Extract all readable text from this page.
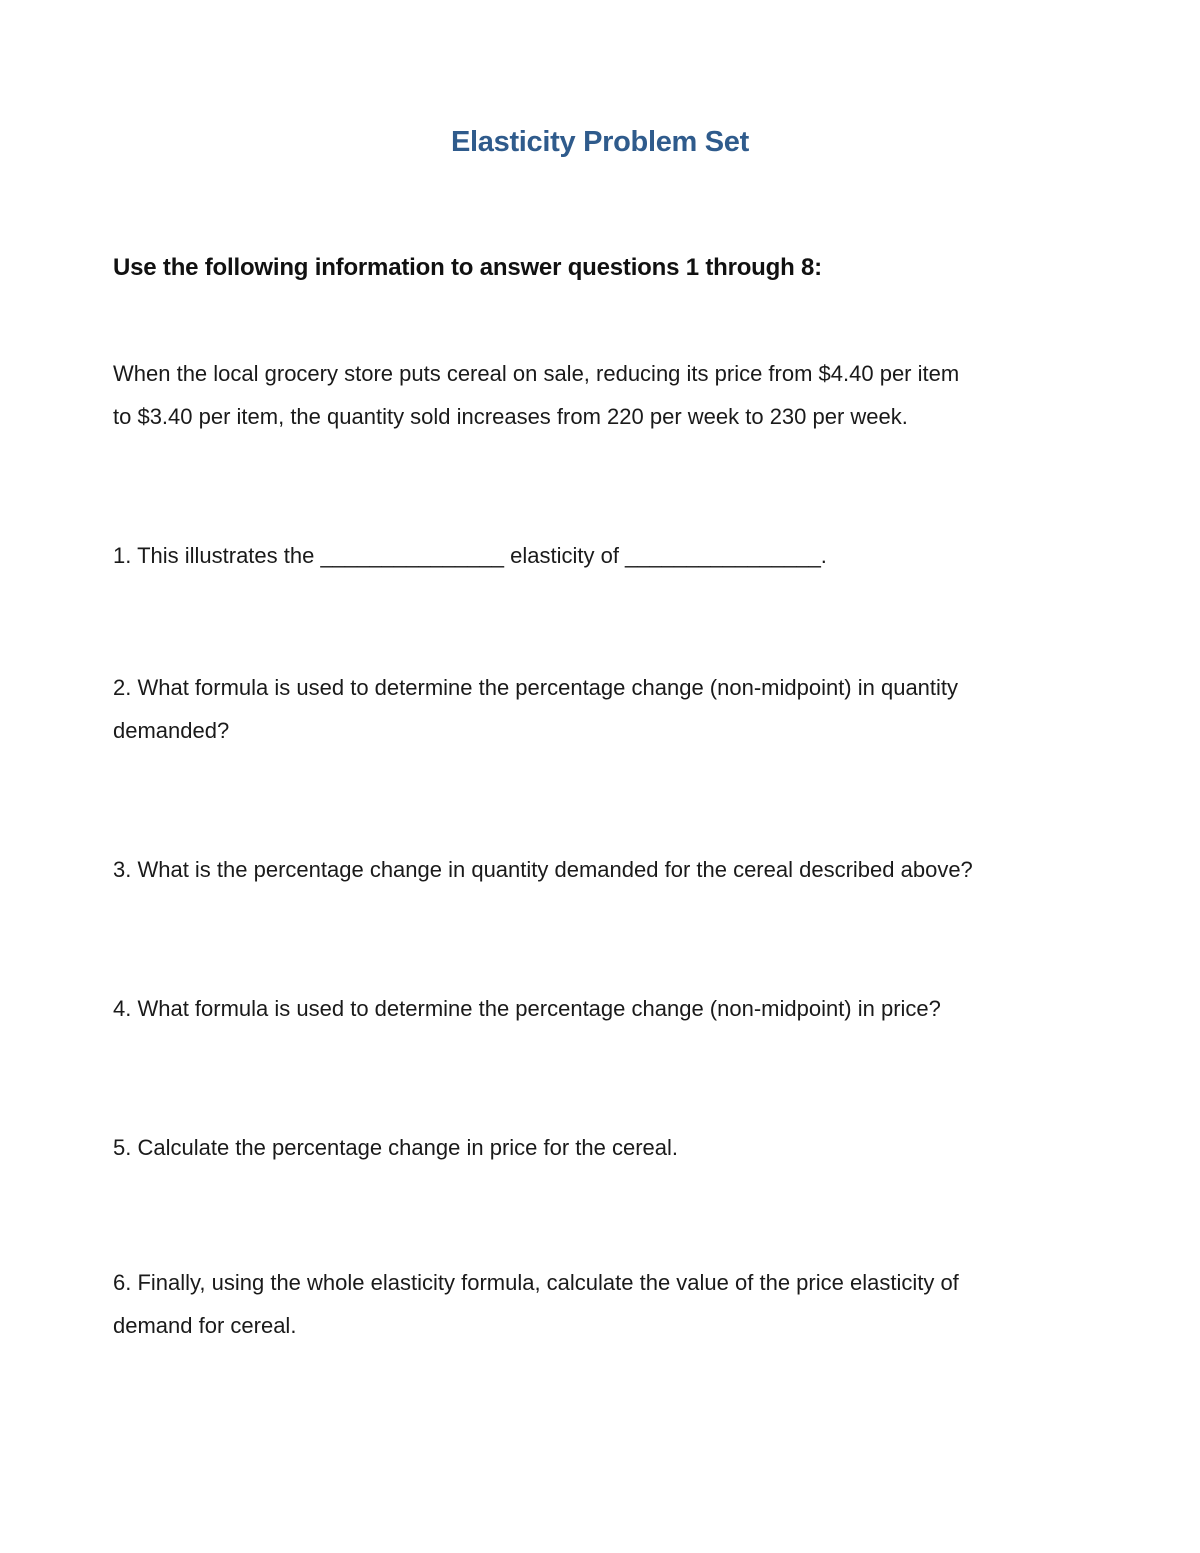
Elasticity Problem Set
Use the following information to answer questions 1 through 8:
When the local grocery store puts cereal on sale, reducing its price from $4.40 per item
to $3.40 per item, the quantity sold increases from 220 per week to 230 per week.
1. This illustrates the _______________ elasticity of ________________.
2. What formula is used to determine the percentage change (non-midpoint) in quantity
demanded?
3. What is the percentage change in quantity demanded for the cereal described above?
4. What formula is used to determine the percentage change (non-midpoint) in price?
5. Calculate the percentage change in price for the cereal.
6. Finally, using the whole elasticity formula, calculate the value of the price elasticity of
demand for cereal.
